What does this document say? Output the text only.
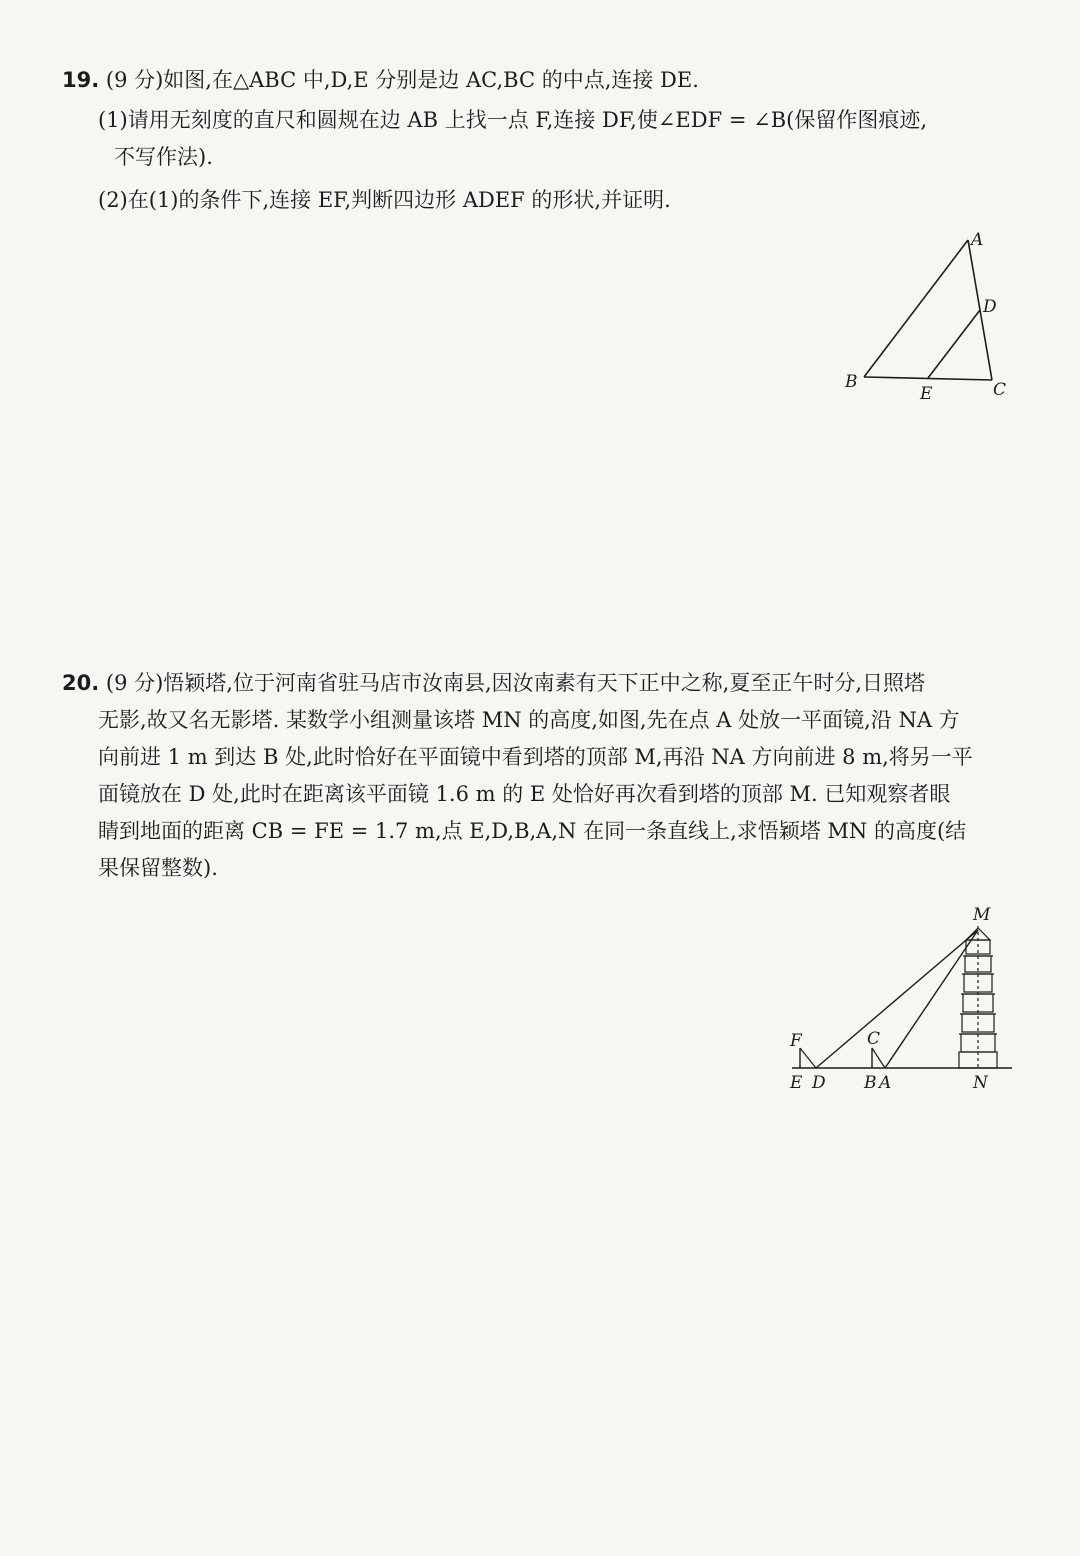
19. (9 分)如图,在△ABC 中,D,E 分别是边 AC,BC 的中点,连接 DE.
(1)请用无刻度的直尺和圆规在边 AB 上找一点 F,连接 DF,使∠EDF = ∠B(保留作图痕迹,
不写作法).
(2)在(1)的条件下,连接 EF,判断四边形 ADEF 的形状,并证明.
A
D
B
E	C
20. (9 分)悟颖塔,位于河南省驻马店市汝南县,因汝南素有天下正中之称,夏至正午时分,日照塔
无影,故又名无影塔. 某数学小组测量该塔 MN 的高度,如图,先在点 A 处放一平面镜,沿 NA 方
向前进 1 m 到达 B 处,此时恰好在平面镜中看到塔的顶部 M,再沿 NA 方向前进 8 m,将另一平
面镜放在 D 处,此时在距离该平面镜 1.6 m 的 E 处恰好再次看到塔的顶部 M. 已知观察者眼
睛到地面的距离 CB = FE = 1.7 m,点 E,D,B,A,N 在同一条直线上,求悟颖塔 MN 的高度(结
果保留整数).
M
F	C
E D B A	N
